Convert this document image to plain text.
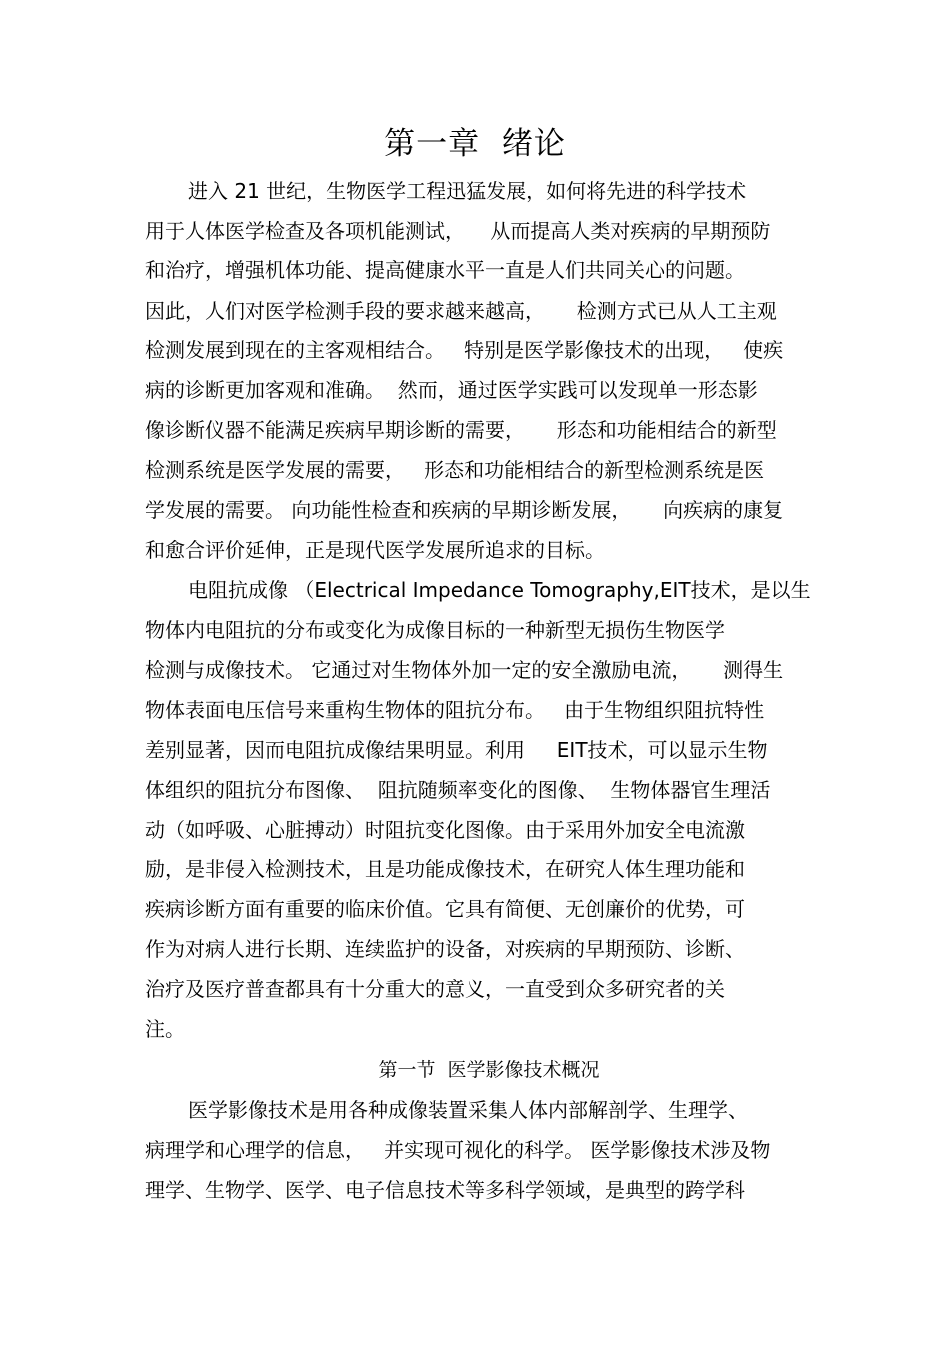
第一章  绪论
进入 21 世纪，生物医学工程迅猛发展，如何将先进的科学技术
用于人体医学检查及各项机能测试，    从而提高人类对疾病的早期预防
和治疗，增强机体功能、提高健康水平一直是人们共同关心的问题。
因此，人们对医学检测手段的要求越来越高，     检测方式已从人工主观
检测发展到现在的主客观相结合。   特别是医学影像技术的出现，   使疾
病的诊断更加客观和准确。  然而，通过医学实践可以发现单一形态影
像诊断仪器不能满足疾病早期诊断的需要，     形态和功能相结合的新型
检测系统是医学发展的需要，   形态和功能相结合的新型检测系统是医
学发展的需要。 向功能性检查和疾病的早期诊断发展，     向疾病的康复
和愈合评价延伸，正是现代医学发展所追求的目标。
电阻抗成像 （Electrical Impedance Tomography,EIT技术，是以生
物体内电阻抗的分布或变化为成像目标的一种新型无损伤生物医学
检测与成像技术。 它通过对生物体外加一定的安全激励电流，     测得生
物体表面电压信号来重构生物体的阻抗分布。   由于生物组织阻抗特性
差别显著，因而电阻抗成像结果明显。利用     EIT技术，可以显示生物
体组织的阻抗分布图像、  阻抗随频率变化的图像、  生物体器官生理活
动（如呼吸、心脏搏动）时阻抗变化图像。由于采用外加安全电流激
励，是非侵入检测技术，且是功能成像技术，在研究人体生理功能和
疾病诊断方面有重要的临床价值。它具有简便、无创廉价的优势，可
作为对病人进行长期、连续监护的设备，对疾病的早期预防、诊断、
治疗及医疗普查都具有十分重大的意义，一直受到众多研究者的关
注。
第一节  医学影像技术概况
医学影像技术是用各种成像装置采集人体内部解剖学、生理学、
病理学和心理学的信息，   并实现可视化的科学。 医学影像技术涉及物
理学、生物学、医学、电子信息技术等多科学领域，是典型的跨学科
